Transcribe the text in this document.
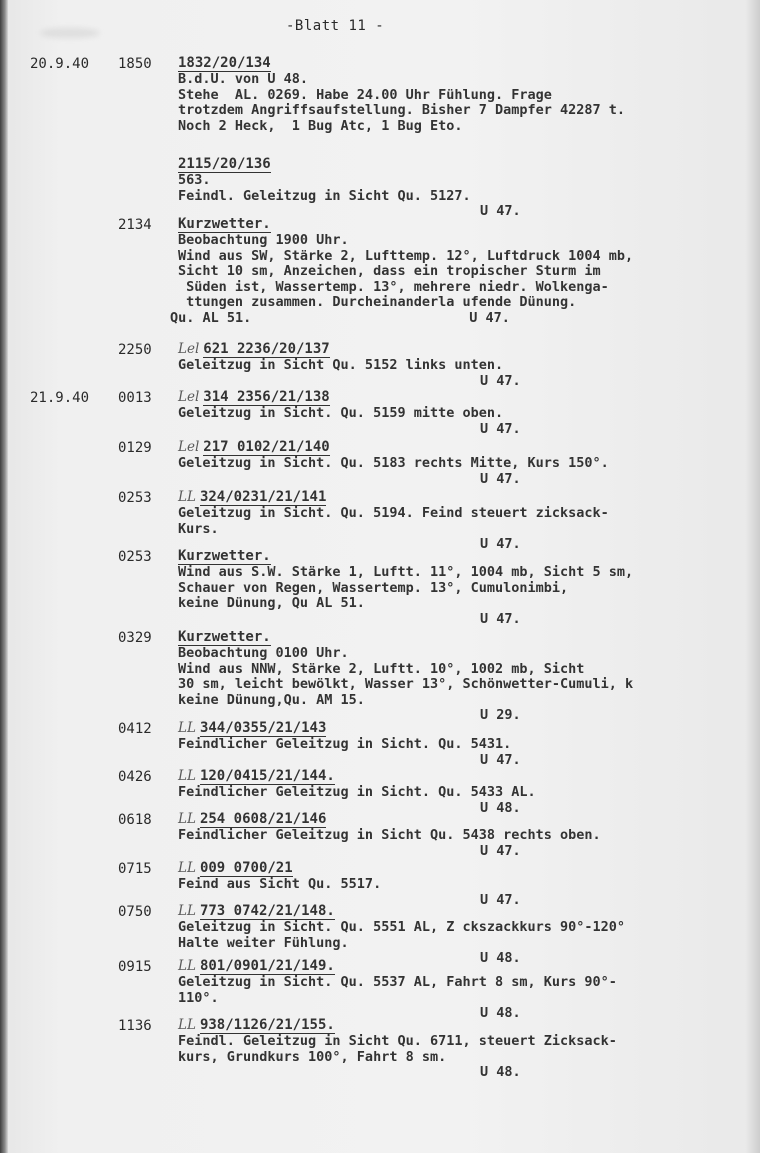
-Blatt 11 -
20.9.40 1850 1832/20/134
B.d.U. von U 48.
Stehe  AL. 0269. Habe 24.00 Uhr Fühlung. Frage
trotzdem Angriffsaufstellung. Bisher 7 Dampfer 42287 t.
Noch 2 Heck,  1 Bug Atc, 1 Bug Eto.
2115/20/136
563.
Feindl. Geleitzug in Sicht Qu. 5127.
U 47.
2134 Kurzwetter.
Beobachtung 1900 Uhr.
Wind aus SW, Stärke 2, Lufttemp. 12°, Luftdruck 1004 mb,
Sicht 10 sm, Anzeichen, dass ein tropischer Sturm im
Süden ist, Wassertemp. 13°, mehrere niedr. Wolkenga-
ttungen zusammen. Durcheinanderla ufende Dünung.
Qu. AL 51.	U 47.
2250 Lel 621 2236/20/137
Geleitzug in Sicht Qu. 5152 links unten.
U 47.
21.9.40 0013 Lel 314 2356/21/138
Geleitzug in Sicht. Qu. 5159 mitte oben.
U 47.
0129 Lel 217 0102/21/140
Geleitzug in Sicht. Qu. 5183 rechts Mitte, Kurs 150°.
U 47.
0253 LL 324/0231/21/141
Geleitzug in Sicht. Qu. 5194. Feind steuert zicksack-
Kurs.
U 47.
0253 Kurzwetter.
Wind aus S.W. Stärke 1, Luftt. 11°, 1004 mb, Sicht 5 sm,
Schauer von Regen, Wassertemp. 13°, Cumulonimbi,
keine Dünung, Qu AL 51.
U 47.
0329 Kurzwetter.
Beobachtung 0100 Uhr.
Wind aus NNW, Stärke 2, Luftt. 10°, 1002 mb, Sicht
30 sm, leicht bewölkt, Wasser 13°, Schönwetter-Cumuli, k
keine Dünung,Qu. AM 15.
U 29.
0412 LL 344/0355/21/143
Feindlicher Geleitzug in Sicht. Qu. 5431.
U 47.
0426 LL 120/0415/21/144.
Feindlicher Geleitzug in Sicht. Qu. 5433 AL.
U 48.
0618 LL 254 0608/21/146
Feindlicher Geleitzug in Sicht Qu. 5438 rechts oben.
U 47.
0715 LL 009 0700/21
Feind aus Sicht Qu. 5517.
U 47.
0750 LL 773 0742/21/148.
Geleitzug in Sicht. Qu. 5551 AL, Z ckszackkurs 90°-120°
Halte weiter Fühlung.
U 48.
0915 LL 801/0901/21/149.
Geleitzug in Sicht. Qu. 5537 AL, Fahrt 8 sm, Kurs 90°-
110°.
U 48.
1136 LL 938/1126/21/155.
Feindl. Geleitzug in Sicht Qu. 6711, steuert Zicksack-
kurs, Grundkurs 100°, Fahrt 8 sm.
U 48.
